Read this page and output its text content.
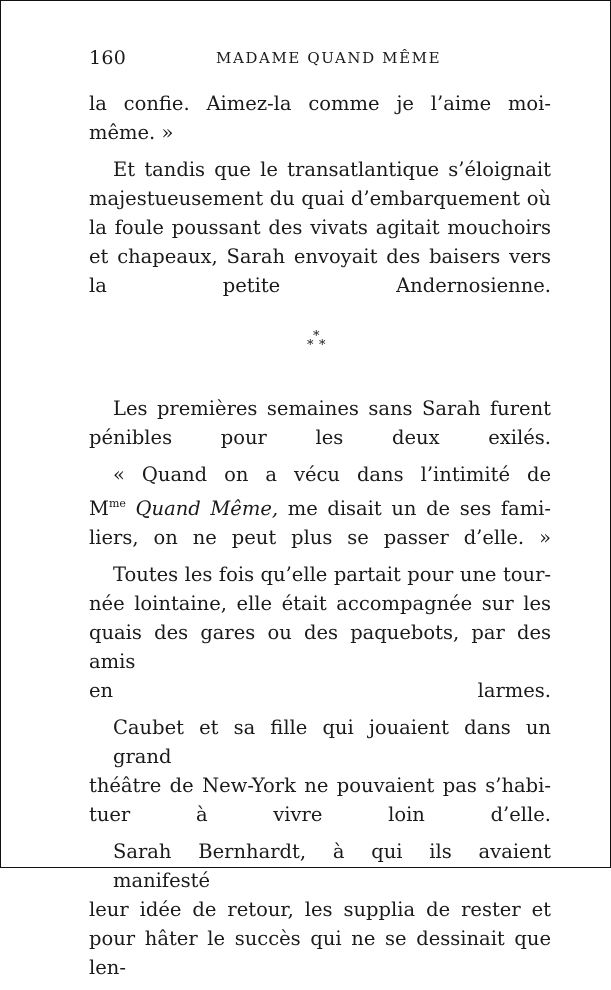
160	MADAME QUAND MÊME

la confie. Aimez-la comme je l’aime moi-
même. »

Et tandis que le transatlantique s’éloignait
majestueusement du quai d’embarquement où
la foule poussant des vivats agitait mouchoirs
et chapeaux, Sarah envoyait des baisers vers
la petite Andernosienne.

*
* *

Les premières semaines sans Sarah furent
pénibles pour les deux exilés.

« Quand on a vécu dans l’intimité de
$M^{me}$ Quand Même, me disait un de ses fami-
liers, on ne peut plus se passer d’elle. »

Toutes les fois qu’elle partait pour une tour-
née lointaine, elle était accompagnée sur les
quais des gares ou des paquebots, par des amis
en larmes.

Caubet et sa fille qui jouaient dans un grand
théâtre de New-York ne pouvaient pas s’habi-
tuer à vivre loin d’elle.

Sarah Bernhardt, à qui ils avaient manifesté
leur idée de retour, les supplia de rester et
pour hâter le succès qui ne se dessinait que len-
